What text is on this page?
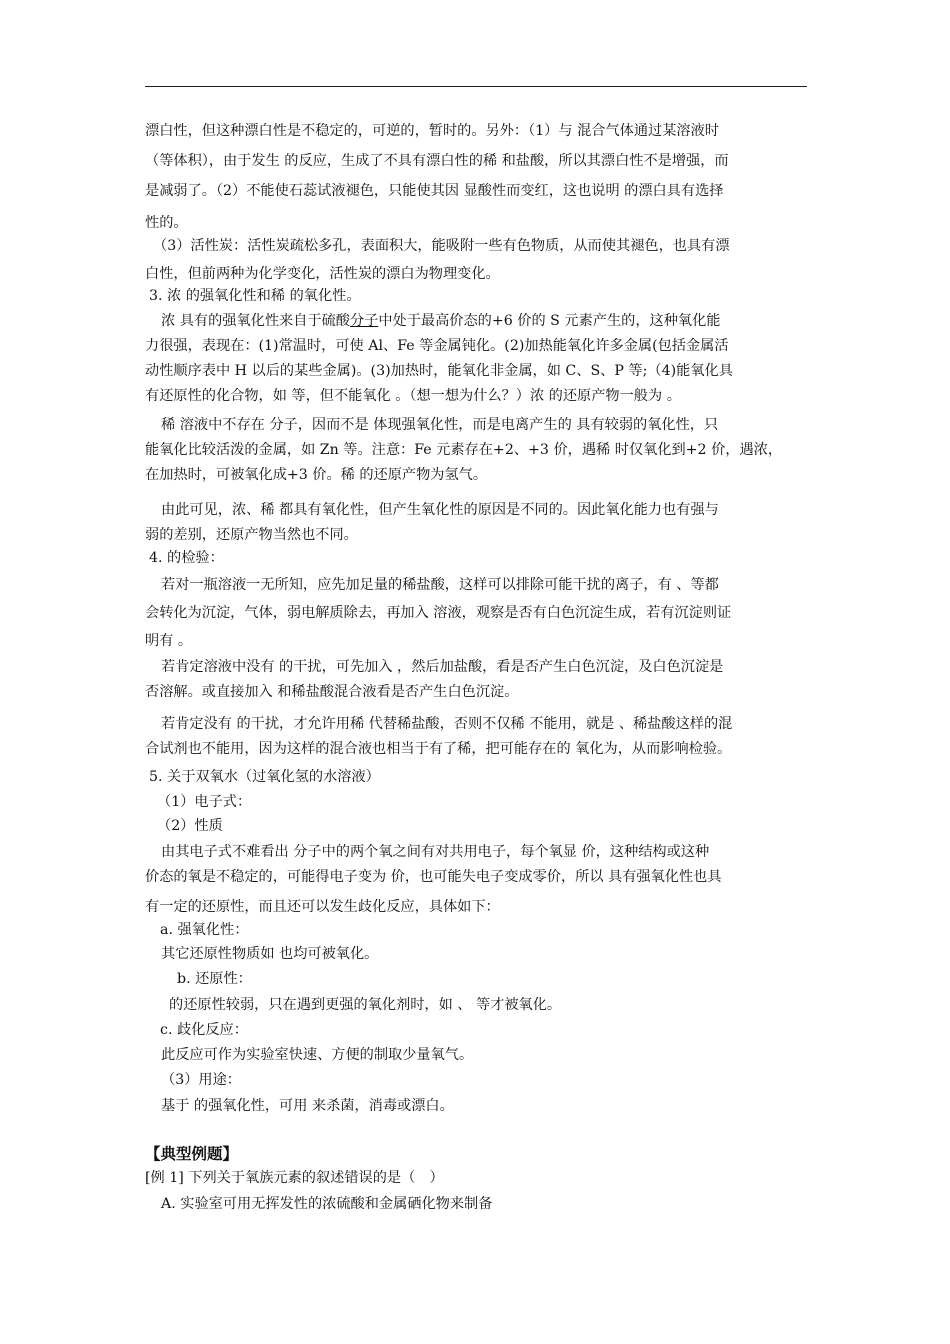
漂白性，但这种漂白性是不稳定的，可逆的，暂时的。另外：（1）与 混合气体通过某溶液时
（等体积），由于发生 的反应，生成了不具有漂白性的稀 和盐酸，所以其漂白性不是增强，而
是减弱了。（2）不能使石蕊试液褪色，只能使其因 显酸性而变红，这也说明 的漂白具有选择
性的。
（3）活性炭：活性炭疏松多孔，表面积大，能吸附一些有色物质，从而使其褪色，也具有漂
白性，但前两种为化学变化，活性炭的漂白为物理变化。
3. 浓 的强氧化性和稀 的氧化性。
浓 具有的强氧化性来自于硫酸分子中处于最高价态的+6 价的 S 元素产生的，这种氧化能
力很强，表现在：(1)常温时，可使 Al、Fe 等金属钝化。(2)加热能氧化许多金属(包括金属活
动性顺序表中 H 以后的某些金属)。(3)加热时，能氧化非金属，如 C、S、P 等;（4)能氧化具
有还原性的化合物，如 等，但不能氧化 。（想一想为什么？）浓 的还原产物一般为 。
稀 溶液中不存在 分子，因而不是 体现强氧化性，而是电离产生的 具有较弱的氧化性，只
能氧化比较活泼的金属，如 Zn 等。注意：Fe 元素存在+2、+3 价，遇稀 时仅氧化到+2 价，遇浓，
在加热时，可被氧化成+3 价。稀 的还原产物为氢气。
由此可见，浓、稀 都具有氧化性，但产生氧化性的原因是不同的。因此氧化能力也有强与
弱的差别，还原产物当然也不同。
4. 的检验：
若对一瓶溶液一无所知，应先加足量的稀盐酸，这样可以排除可能干扰的离子，有 、等都
会转化为沉淀，气体，弱电解质除去，再加入 溶液，观察是否有白色沉淀生成，若有沉淀则证
明有 。
若肯定溶液中没有 的干扰，可先加入 ，然后加盐酸，看是否产生白色沉淀，及白色沉淀是
否溶解。或直接加入 和稀盐酸混合液看是否产生白色沉淀。
若肯定没有 的干扰，才允许用稀 代替稀盐酸，否则不仅稀 不能用，就是 、稀盐酸这样的混
合试剂也不能用，因为这样的混合液也相当于有了稀，把可能存在的 氧化为，从而影响检验。
5. 关于双氧水（过氧化氢的水溶液）
（1）电子式：
（2）性质
由其电子式不难看出 分子中的两个氧之间有对共用电子，每个氧显 价，这种结构或这种
价态的氧是不稳定的，可能得电子变为 价，也可能失电子变成零价，所以 具有强氧化性也具
有一定的还原性，而且还可以发生歧化反应，具体如下：
a. 强氧化性：
其它还原性物质如 也均可被氧化。
b. 还原性：
的还原性较弱，只在遇到更强的氧化剂时，如 、 等才被氧化。
c. 歧化反应：
此反应可作为实验室快速、方便的制取少量氧气。
（3）用途：
基于 的强氧化性，可用 来杀菌，消毒或漂白。
【典型例题】
[例 1] 下列关于氧族元素的叙述错误的是（　）
A. 实验室可用无挥发性的浓硫酸和金属硒化物来制备
